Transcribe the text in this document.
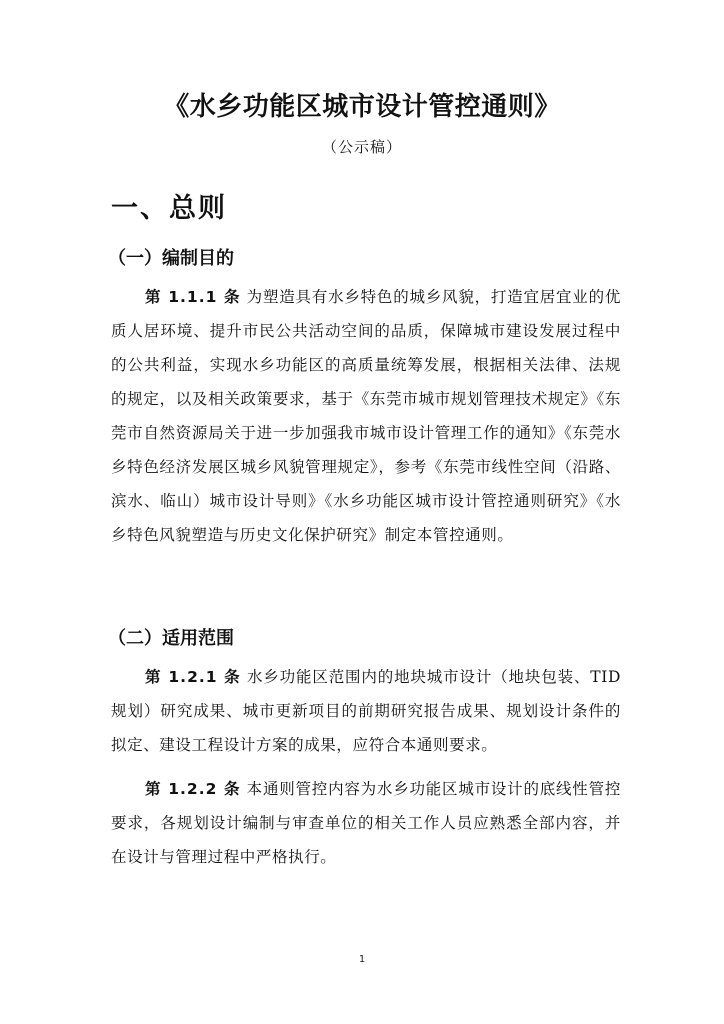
《水乡功能区城市设计管控通则》
（公示稿）
一、总则
（一）编制目的

第 1.1.1 条 为塑造具有水乡特色的城乡风貌，打造宜居宜业的优质人居环境、提升市民公共活动空间的品质，保障城市建设发展过程中的公共利益，实现水乡功能区的高质量统筹发展，根据相关法律、法规的规定，以及相关政策要求，基于《东莞市城市规划管理技术规定》《东莞市自然资源局关于进一步加强我市城市设计管理工作的通知》《东莞水乡特色经济发展区城乡风貌管理规定》，参考《东莞市线性空间（沿路、滨水、临山）城市设计导则》《水乡功能区城市设计管控通则研究》《水乡特色风貌塑造与历史文化保护研究》制定本管控通则。

（二）适用范围

第 1.2.1 条 水乡功能区范围内的地块城市设计（地块包装、TID 规划）研究成果、城市更新项目的前期研究报告成果、规划设计条件的拟定、建设工程设计方案的成果，应符合本通则要求。

第 1.2.2 条 本通则管控内容为水乡功能区城市设计的底线性管控要求，各规划设计编制与审查单位的相关工作人员应熟悉全部内容，并在设计与管理过程中严格执行。

1
